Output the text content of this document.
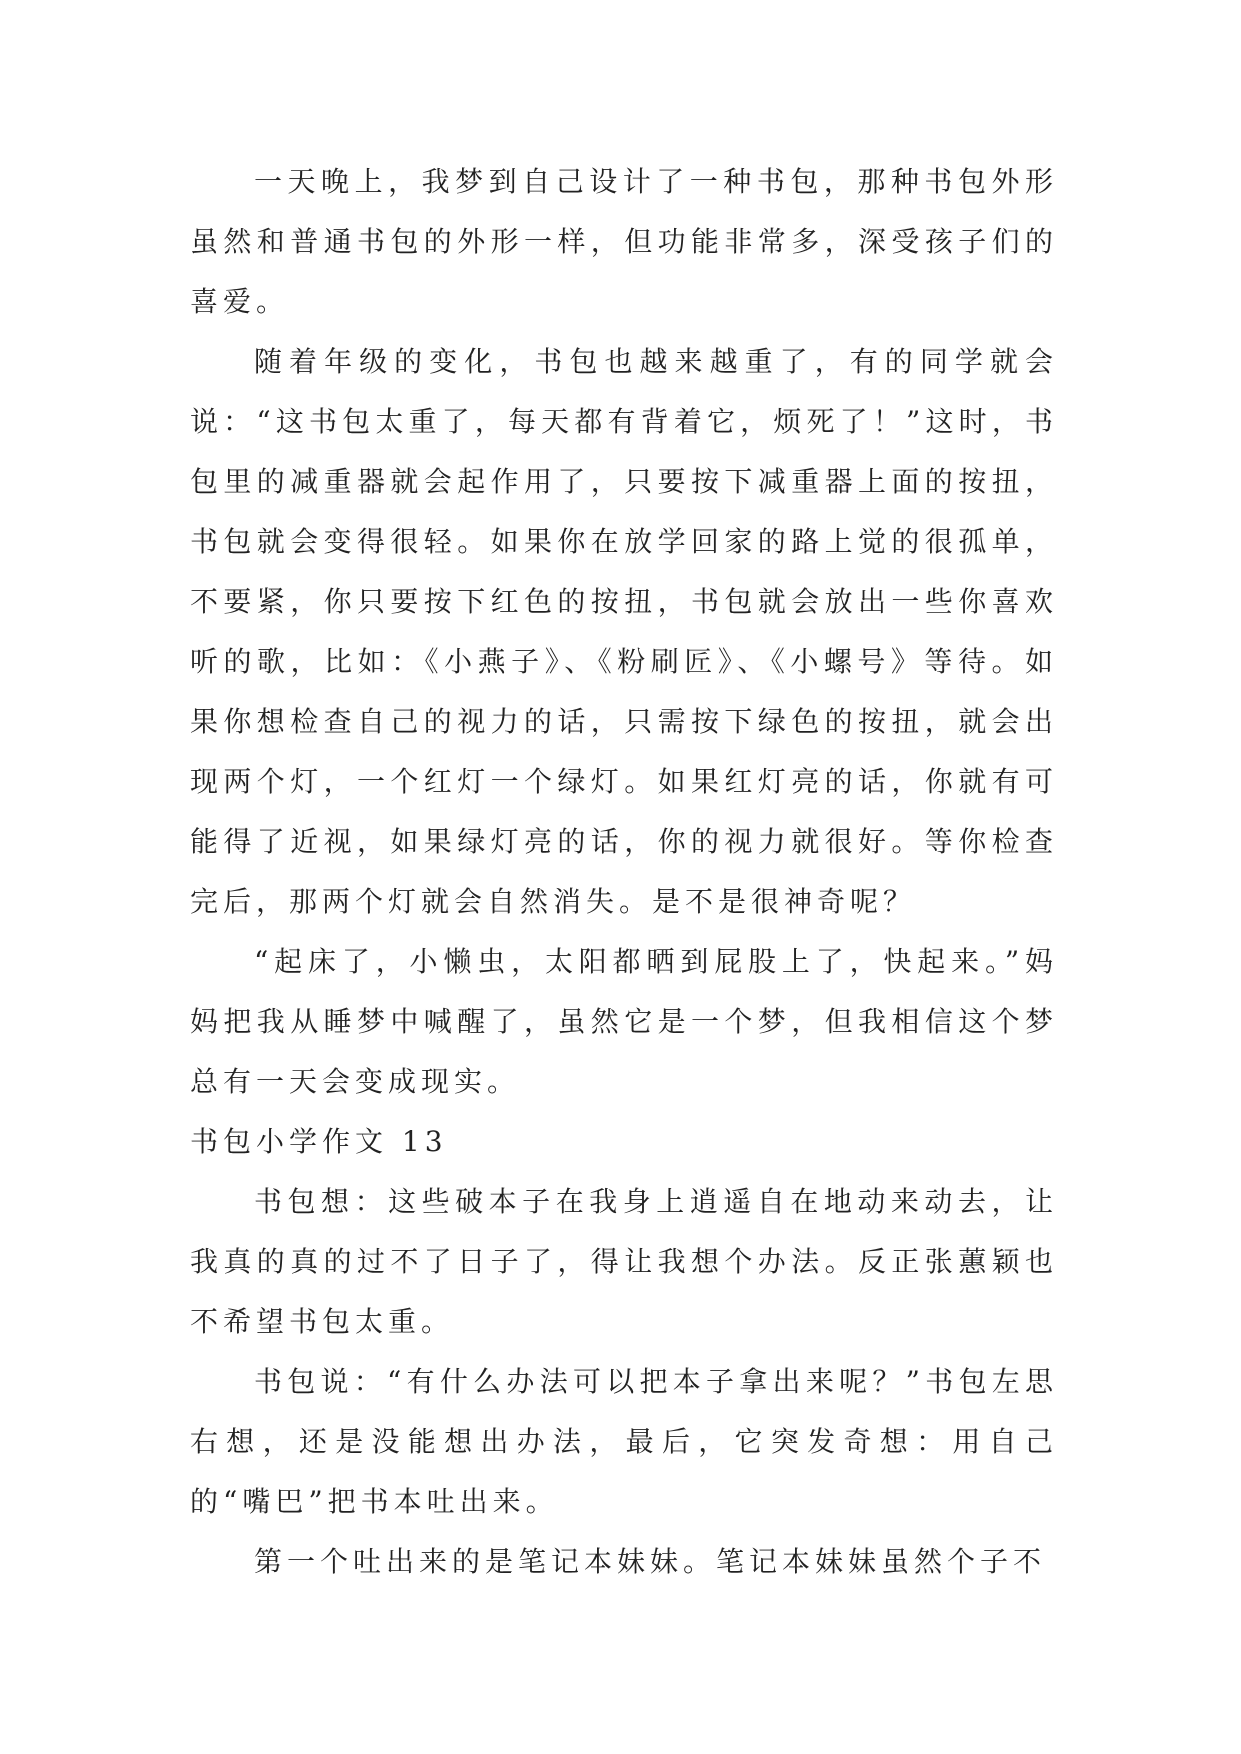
一天晚上，我梦到自己设计了一种书包，那种书包外形虽然和普通书包的外形一样，但功能非常多，深受孩子们的喜爱。

随着年级的变化，书包也越来越重了，有的同学就会说：“这书包太重了，每天都有背着它，烦死了！”这时，书包里的减重器就会起作用了，只要按下减重器上面的按扭，书包就会变得很轻。如果你在放学回家的路上觉的很孤单，不要紧，你只要按下红色的按扭，书包就会放出一些你喜欢听的歌，比如：《小燕子》、《粉刷匠》、《小螺号》等待。如果你想检查自己的视力的话，只需按下绿色的按扭，就会出现两个灯，一个红灯一个绿灯。如果红灯亮的话，你就有可能得了近视，如果绿灯亮的话，你的视力就很好。等你检查完后，那两个灯就会自然消失。是不是很神奇呢？

“起床了，小懒虫，太阳都晒到屁股上了，快起来。”妈妈把我从睡梦中喊醒了，虽然它是一个梦，但我相信这个梦总有一天会变成现实。

书包小学作文 13

书包想：这些破本子在我身上逍遥自在地动来动去，让我真的真的过不了日子了，得让我想个办法。反正张蕙颖也不希望书包太重。

书包说：“有什么办法可以把本子拿出来呢？”书包左思右想，还是没能想出办法，最后，它突发奇想：用自己的“嘴巴”把书本吐出来。

第一个吐出来的是笔记本妹妹。笔记本妹妹虽然个子不
